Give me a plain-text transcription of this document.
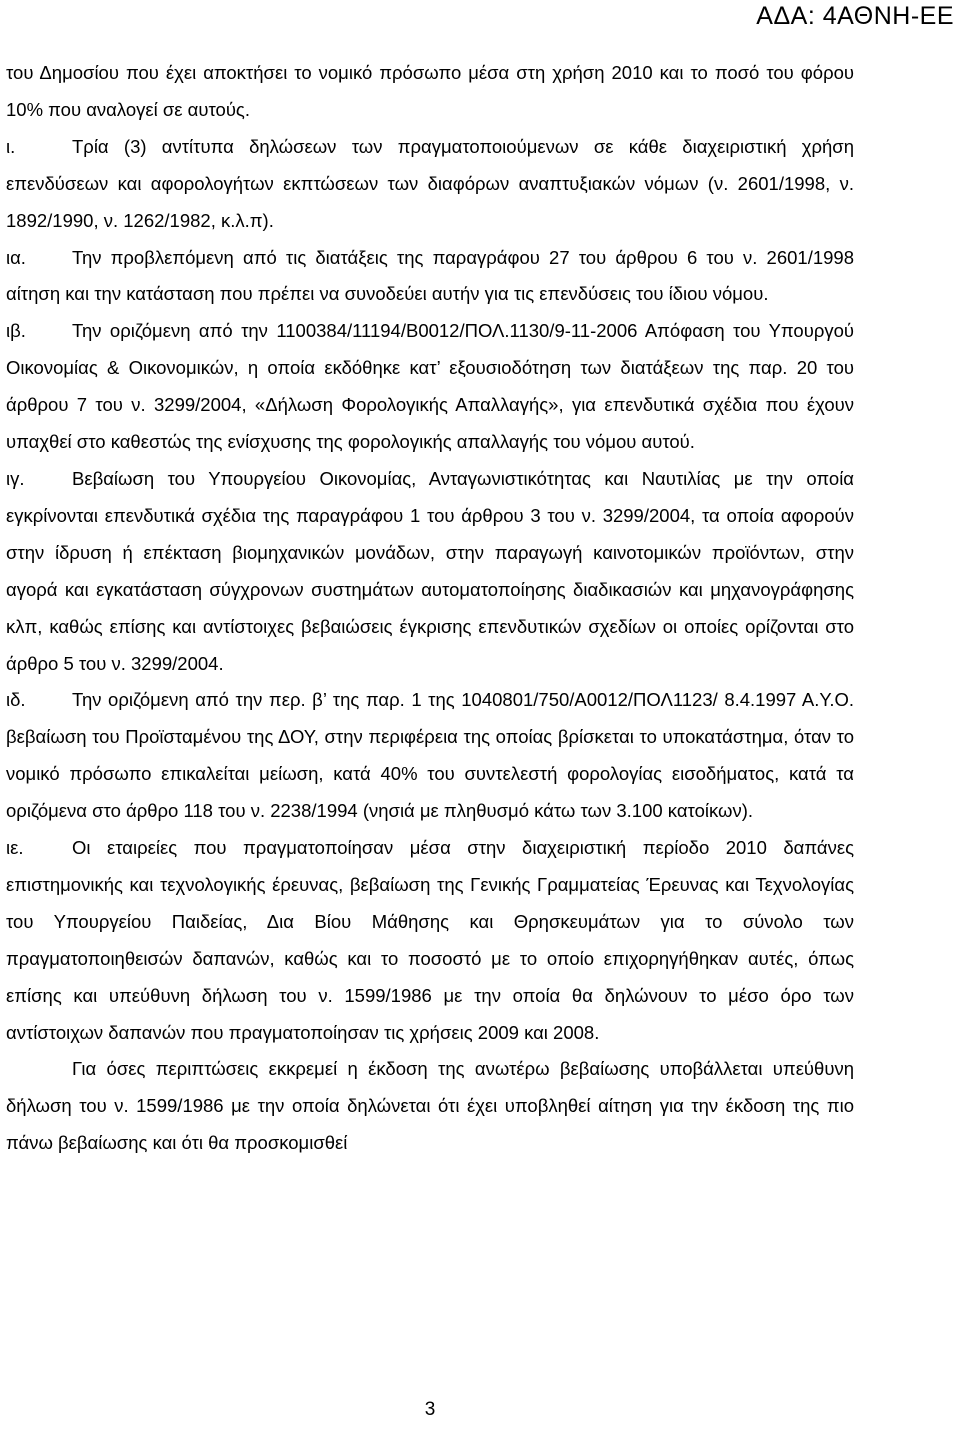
ΑΔΑ: 4ΑΘΝΗ-ΕΕ

του Δημοσίου που έχει αποκτήσει το νομικό πρόσωπο μέσα στη χρήση 2010 και το ποσό του φόρου 10% που αναλογεί σε αυτούς.

ι.	Τρία (3) αντίτυπα δηλώσεων των πραγματοποιούμενων σε κάθε διαχειριστική χρήση επενδύσεων και αφορολογήτων εκπτώσεων των διαφόρων αναπτυξιακών νόμων (ν. 2601/1998, ν. 1892/1990, ν. 1262/1982, κ.λ.π).

ια. Την προβλεπόμενη από τις διατάξεις της παραγράφου 27 του άρθρου 6 του ν. 2601/1998 αίτηση και την κατάσταση που πρέπει να συνοδεύει αυτήν για τις επενδύσεις του ίδιου νόμου.

ιβ. Την οριζόμενη από την 1100384/11194/Β0012/ΠΟΛ.1130/9-11-2006 Απόφαση του Υπουργού Οικονομίας & Οικονομικών, η οποία εκδόθηκε κατ’ εξουσιοδότηση των διατάξεων της παρ. 20 του άρθρου 7 του ν. 3299/2004, «Δήλωση Φορολογικής Απαλλαγής», για επενδυτικά σχέδια που έχουν υπαχθεί στο καθεστώς της ενίσχυσης της φορολογικής απαλλαγής του νόμου αυτού.

ιγ.	Βεβαίωση του Υπουργείου Οικονομίας, Ανταγωνιστικότητας και Ναυτιλίας με την οποία εγκρίνονται επενδυτικά σχέδια της παραγράφου 1 του άρθρου 3 του ν. 3299/2004, τα οποία αφορούν στην ίδρυση ή επέκταση βιομηχανικών μονάδων, στην παραγωγή καινοτομικών προϊόντων, στην αγορά και εγκατάσταση σύγχρονων συστημάτων αυτοματοποίησης διαδικασιών και μηχανογράφησης κλπ, καθώς επίσης και αντίστοιχες βεβαιώσεις έγκρισης επενδυτικών σχεδίων οι οποίες ορίζονται στο άρθρο 5 του ν. 3299/2004.

ιδ.	Την οριζόμενη από την περ. β’ της παρ. 1 της 1040801/750/Α0012/ΠΟΛ1123/ 8.4.1997 Α.Υ.Ο. βεβαίωση του Προϊσταμένου της ΔΟΥ, στην περιφέρεια της οποίας βρίσκεται το υποκατάστημα, όταν το νομικό πρόσωπο επικαλείται μείωση, κατά 40% του συντελεστή φορολογίας εισοδήματος, κατά τα οριζόμενα στο άρθρο 118 του ν. 2238/1994 (νησιά με πληθυσμό κάτω των 3.100 κατοίκων).

ιε.	Οι εταιρείες που πραγματοποίησαν μέσα στην διαχειριστική περίοδο 2010 δαπάνες επιστημονικής και τεχνολογικής έρευνας, βεβαίωση της Γενικής Γραμματείας Έρευνας και Τεχνολογίας του Υπουργείου Παιδείας, Δια Βίου Μάθησης και Θρησκευμάτων για το σύνολο των πραγματοποιηθεισών δαπανών, καθώς και το ποσοστό με το οποίο επιχορηγήθηκαν αυτές, όπως επίσης και υπεύθυνη δήλωση του ν. 1599/1986 με την οποία θα δηλώνουν το μέσο όρο των αντίστοιχων δαπανών που πραγματοποίησαν τις χρήσεις 2009 και 2008.

Για όσες περιπτώσεις εκκρεμεί η έκδοση της ανωτέρω βεβαίωσης υποβάλλεται υπεύθυνη δήλωση του ν. 1599/1986 με την οποία δηλώνεται ότι έχει υποβληθεί αίτηση για την έκδοση της πιο πάνω βεβαίωσης και ότι θα προσκομισθεί

3
